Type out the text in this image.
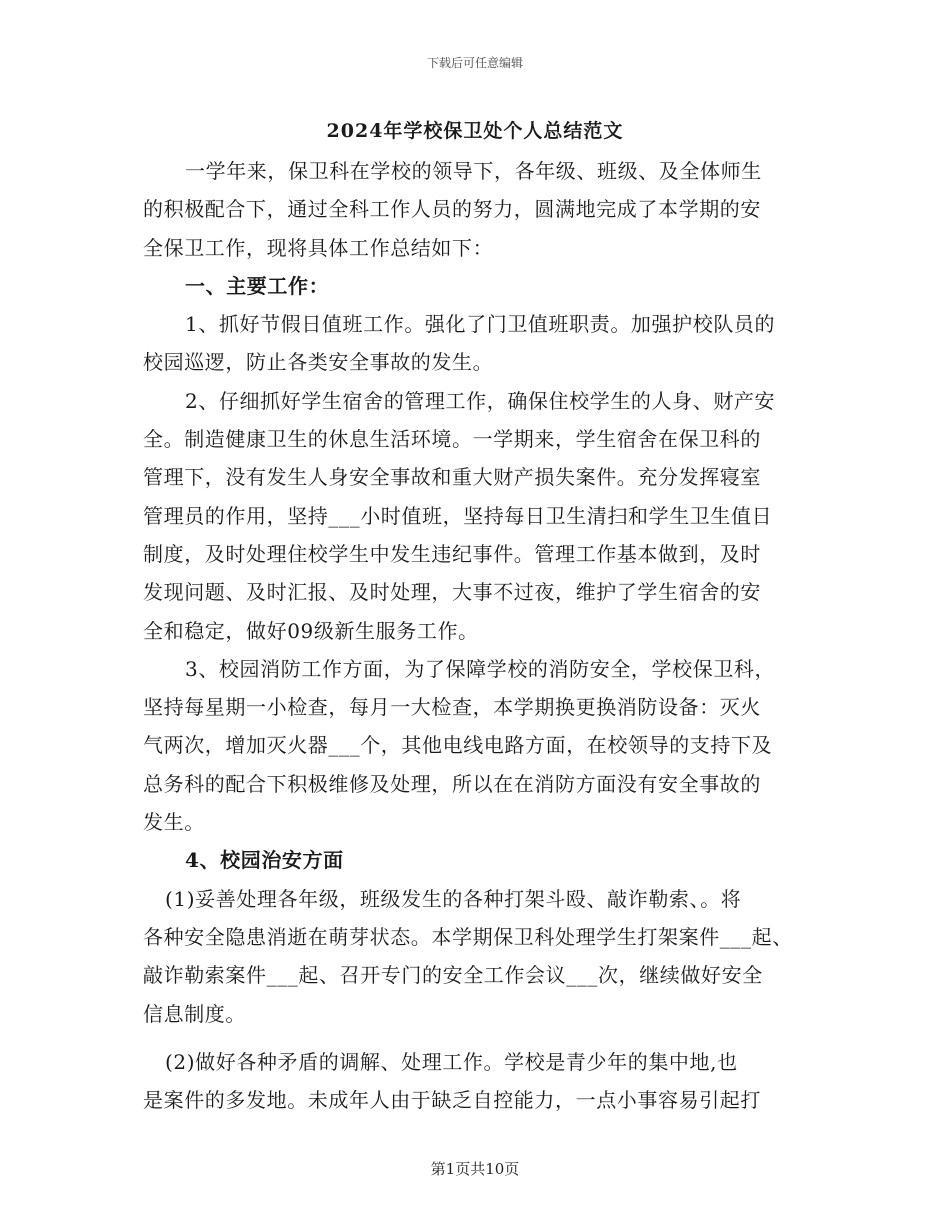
下载后可任意编辑
2024年学校保卫处个人总结范文
一学年来，保卫科在学校的领导下，各年级、班级、及全体师生
的积极配合下，通过全科工作人员的努力，圆满地完成了本学期的安
全保卫工作，现将具体工作总结如下：
一、主要工作：
1、抓好节假日值班工作。强化了门卫值班职责。加强护校队员的
校园巡逻，防止各类安全事故的发生。
2、仔细抓好学生宿舍的管理工作，确保住校学生的人身、财产安
全。制造健康卫生的休息生活环境。一学期来，学生宿舍在保卫科的
管理下，没有发生人身安全事故和重大财产损失案件。充分发挥寝室
管理员的作用，坚持___小时值班，坚持每日卫生清扫和学生卫生值日
制度，及时处理住校学生中发生违纪事件。管理工作基本做到，及时
发现问题、及时汇报、及时处理，大事不过夜，维护了学生宿舍的安
全和稳定，做好09级新生服务工作。
3、校园消防工作方面，为了保障学校的消防安全，学校保卫科，
坚持每星期一小检查，每月一大检查，本学期换更换消防设备：灭火
气两次，增加灭火器___个，其他电线电路方面，在校领导的支持下及
总务科的配合下积极维修及处理，所以在在消防方面没有安全事故的
发生。
4、校园治安方面
(1)妥善处理各年级，班级发生的各种打架斗殴、敲诈勒索、。将
各种安全隐患消逝在萌芽状态。本学期保卫科处理学生打架案件___起、
敲诈勒索案件___起、召开专门的安全工作会议___次，继续做好安全
信息制度。
(2)做好各种矛盾的调解、处理工作。学校是青少年的集中地,也
是案件的多发地。未成年人由于缺乏自控能力，一点小事容易引起打
第1页共10页
